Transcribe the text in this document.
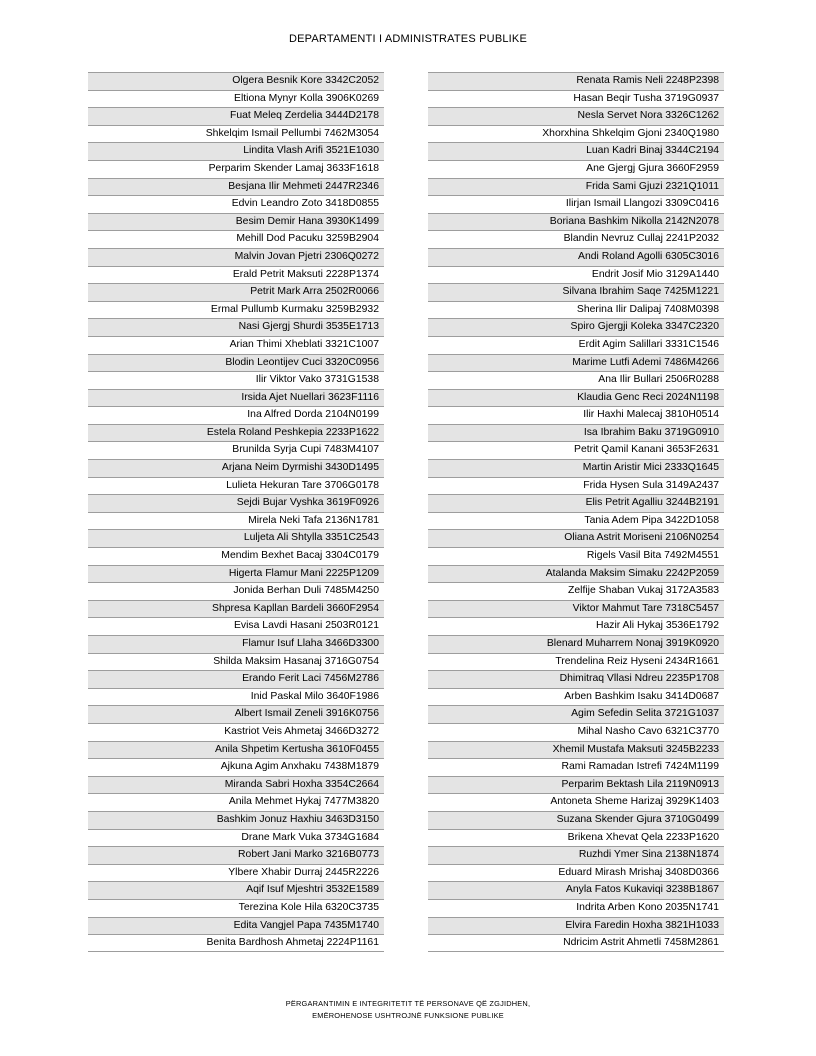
DEPARTAMENTI I ADMINISTRATES PUBLIKE
Olgera Besnik Kore 3342C2052
Eltiona Mynyr Kolla 3906K0269
Fuat Meleq Zerdelia 3444D2178
Shkelqim Ismail Pellumbi 7462M3054
Lindita Vlash Arifi 3521E1030
Perparim Skender Lamaj 3633F1618
Besjana Ilir Mehmeti 2447R2346
Edvin Leandro Zoto 3418D0855
Besim Demir Hana 3930K1499
Mehill Dod Pacuku 3259B2904
Malvin Jovan Pjetri 2306Q0272
Erald Petrit Maksuti 2228P1374
Petrit Mark Arra 2502R0066
Ermal Pullumb Kurmaku 3259B2932
Nasi Gjergj Shurdi 3535E1713
Arian Thimi Xheblati 3321C1007
Blodin Leontijev Cuci 3320C0956
Ilir Viktor Vako 3731G1538
Irsida Ajet Nuellari 3623F1116
Ina Alfred Dorda 2104N0199
Estela Roland Peshkepia 2233P1622
Brunilda Syrja Cupi 7483M4107
Arjana Neim Dyrmishi 3430D1495
Lulieta Hekuran Tare 3706G0178
Sejdi Bujar Vyshka 3619F0926
Mirela Neki Tafa 2136N1781
Luljeta Ali Shtylla 3351C2543
Mendim Bexhet Bacaj 3304C0179
Higerta Flamur Mani 2225P1209
Jonida Berhan Duli 7485M4250
Shpresa Kapllan Bardeli 3660F2954
Evisa Lavdi Hasani 2503R0121
Flamur Isuf Llaha 3466D3300
Shilda Maksim Hasanaj 3716G0754
Erando Ferit Laci 7456M2786
Inid Paskal Milo 3640F1986
Albert Ismail Zeneli 3916K0756
Kastriot Veis Ahmetaj 3466D3272
Anila Shpetim Kertusha 3610F0455
Ajkuna Agim Anxhaku 7438M1879
Miranda Sabri Hoxha 3354C2664
Anila Mehmet Hykaj 7477M3820
Bashkim Jonuz Haxhiu 3463D3150
Drane Mark Vuka 3734G1684
Robert Jani Marko 3216B0773
Ylbere Xhabir Durraj 2445R2226
Aqif Isuf Mjeshtri 3532E1589
Terezina Kole Hila 6320C3735
Edita Vangjel Papa 7435M1740
Benita Bardhosh Ahmetaj 2224P1161
Renata Ramis Neli 2248P2398
Hasan Beqir Tusha 3719G0937
Nesla Servet Nora 3326C1262
Xhorxhina Shkelqim Gjoni 2340Q1980
Luan Kadri Binaj 3344C2194
Ane Gjergj Gjura 3660F2959
Frida Sami Gjuzi 2321Q1011
Ilirjan Ismail Llangozi 3309C0416
Boriana Bashkim Nikolla 2142N2078
Blandin Nevruz Cullaj 2241P2032
Andi Roland Agolli 6305C3016
Endrit Josif Mio 3129A1440
Silvana Ibrahim Saqe 7425M1221
Sherina Ilir Dalipaj 7408M0398
Spiro Gjergji Koleka 3347C2320
Erdit Agim Salillari 3331C1546
Marime Lutfi Ademi 7486M4266
Ana Ilir Bullari 2506R0288
Klaudia Genc Reci 2024N1198
Ilir Haxhi Malecaj 3810H0514
Isa Ibrahim Baku 3719G0910
Petrit Qamil Kanani 3653F2631
Martin Aristir Mici 2333Q1645
Frida Hysen Sula 3149A2437
Elis Petrit Agalliu 3244B2191
Tania Adem Pipa 3422D1058
Oliana Astrit Moriseni 2106N0254
Rigels Vasil Bita 7492M4551
Atalanda Maksim Simaku 2242P2059
Zelfije Shaban Vukaj 3172A3583
Viktor Mahmut Tare 7318C5457
Hazir Ali Hykaj 3536E1792
Blenard Muharrem Nonaj 3919K0920
Trendelina Reiz Hyseni 2434R1661
Dhimitraq Vllasi Ndreu 2235P1708
Arben Bashkim Isaku 3414D0687
Agim Sefedin Selita 3721G1037
Mihal Nasho Cavo 6321C3770
Xhemil Mustafa Maksuti 3245B2233
Rami Ramadan Istrefi 7424M1199
Perparim Bektash Lila 2119N0913
Antoneta Sheme Harizaj 3929K1403
Suzana Skender Gjura 3710G0499
Brikena Xhevat Qela 2233P1620
Ruzhdi Ymer Sina 2138N1874
Eduard Mirash Mrishaj 3408D0366
Anyla Fatos Kukaviqi 3238B1867
Indrita Arben Kono 2035N1741
Elvira Faredin Hoxha 3821H1033
Ndricim Astrit Ahmetli 7458M2861
PËRGARANTIMIN E INTEGRITETIT TË PERSONAVE QË ZGJIDHEN,
EMËROHENOSE USHTROJNË FUNKSIONE PUBLIKE
